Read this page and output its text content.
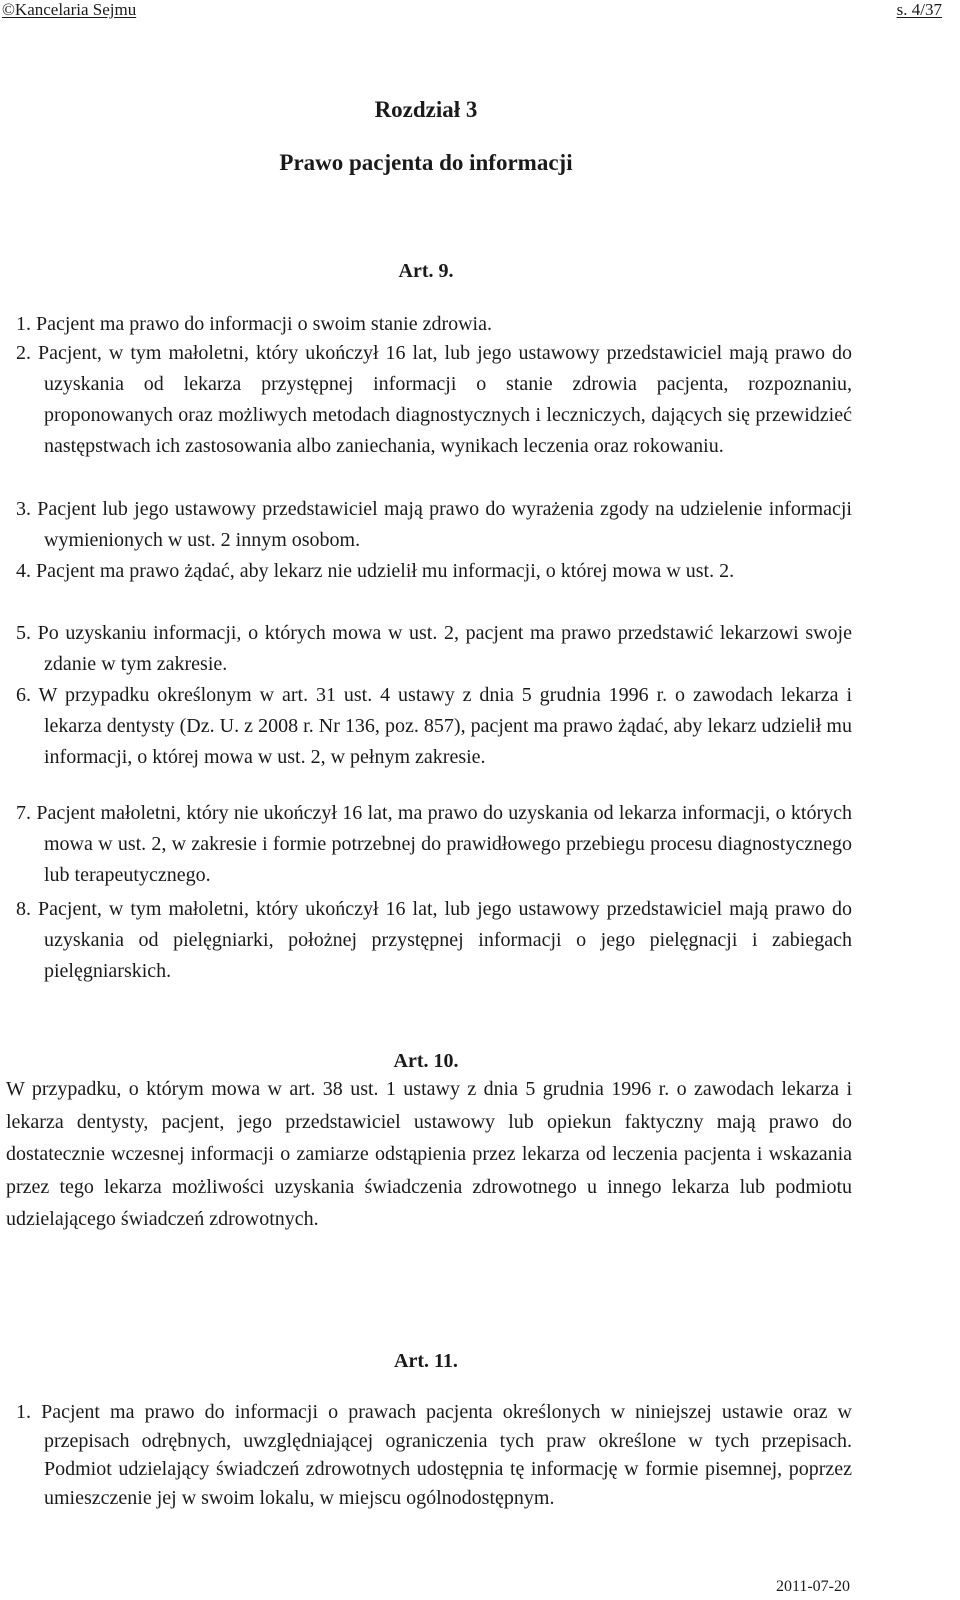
©Kancelaria Sejmu	s. 4/37
Rozdział 3
Prawo pacjenta do informacji
Art. 9.
1. Pacjent ma prawo do informacji o swoim stanie zdrowia.
2. Pacjent, w tym małoletni, który ukończył 16 lat, lub jego ustawowy przedstawiciel mają prawo do uzyskania od lekarza przystępnej informacji o stanie zdrowia pacjenta, rozpoznaniu, proponowanych oraz możliwych metodach diagnostycznych i leczniczych, dających się przewidzieć następstwach ich zastosowania albo zaniechania, wynikach leczenia oraz rokowaniu.
3. Pacjent lub jego ustawowy przedstawiciel mają prawo do wyrażenia zgody na udzielenie informacji wymienionych w ust. 2 innym osobom.
4. Pacjent ma prawo żądać, aby lekarz nie udzielił mu informacji, o której mowa w ust. 2.
5. Po uzyskaniu informacji, o których mowa w ust. 2, pacjent ma prawo przedstawić lekarzowi swoje zdanie w tym zakresie.
6. W przypadku określonym w art. 31 ust. 4 ustawy z dnia 5 grudnia 1996 r. o zawodach lekarza i lekarza dentysty (Dz. U. z 2008 r. Nr 136, poz. 857), pacjent ma prawo żądać, aby lekarz udzielił mu informacji, o której mowa w ust. 2, w pełnym zakresie.
7. Pacjent małoletni, który nie ukończył 16 lat, ma prawo do uzyskania od lekarza informacji, o których mowa w ust. 2, w zakresie i formie potrzebnej do prawidłowego przebiegu procesu diagnostycznego lub terapeutycznego.
8. Pacjent, w tym małoletni, który ukończył 16 lat, lub jego ustawowy przedstawiciel mają prawo do uzyskania od pielęgniarki, położnej przystępnej informacji o jego pielęgnacji i zabiegach pielęgniarskich.
Art. 10.
W przypadku, o którym mowa w art. 38 ust. 1 ustawy z dnia 5 grudnia 1996 r. o zawodach lekarza i lekarza dentysty, pacjent, jego przedstawiciel ustawowy lub opiekun faktyczny mają prawo do dostatecznie wczesnej informacji o zamiarze odstąpienia przez lekarza od leczenia pacjenta i wskazania przez tego lekarza możliwości uzyskania świadczenia zdrowotnego u innego lekarza lub podmiotu udzielającego świadczeń zdrowotnych.
Art. 11.
1. Pacjent ma prawo do informacji o prawach pacjenta określonych w niniejszej ustawie oraz w przepisach odrębnych, uwzględniającej ograniczenia tych praw określone w tych przepisach. Podmiot udzielający świadczeń zdrowotnych udostępnia tę informację w formie pisemnej, poprzez umieszczenie jej w swoim lokalu, w miejscu ogólnodostępnym.
2011-07-20
